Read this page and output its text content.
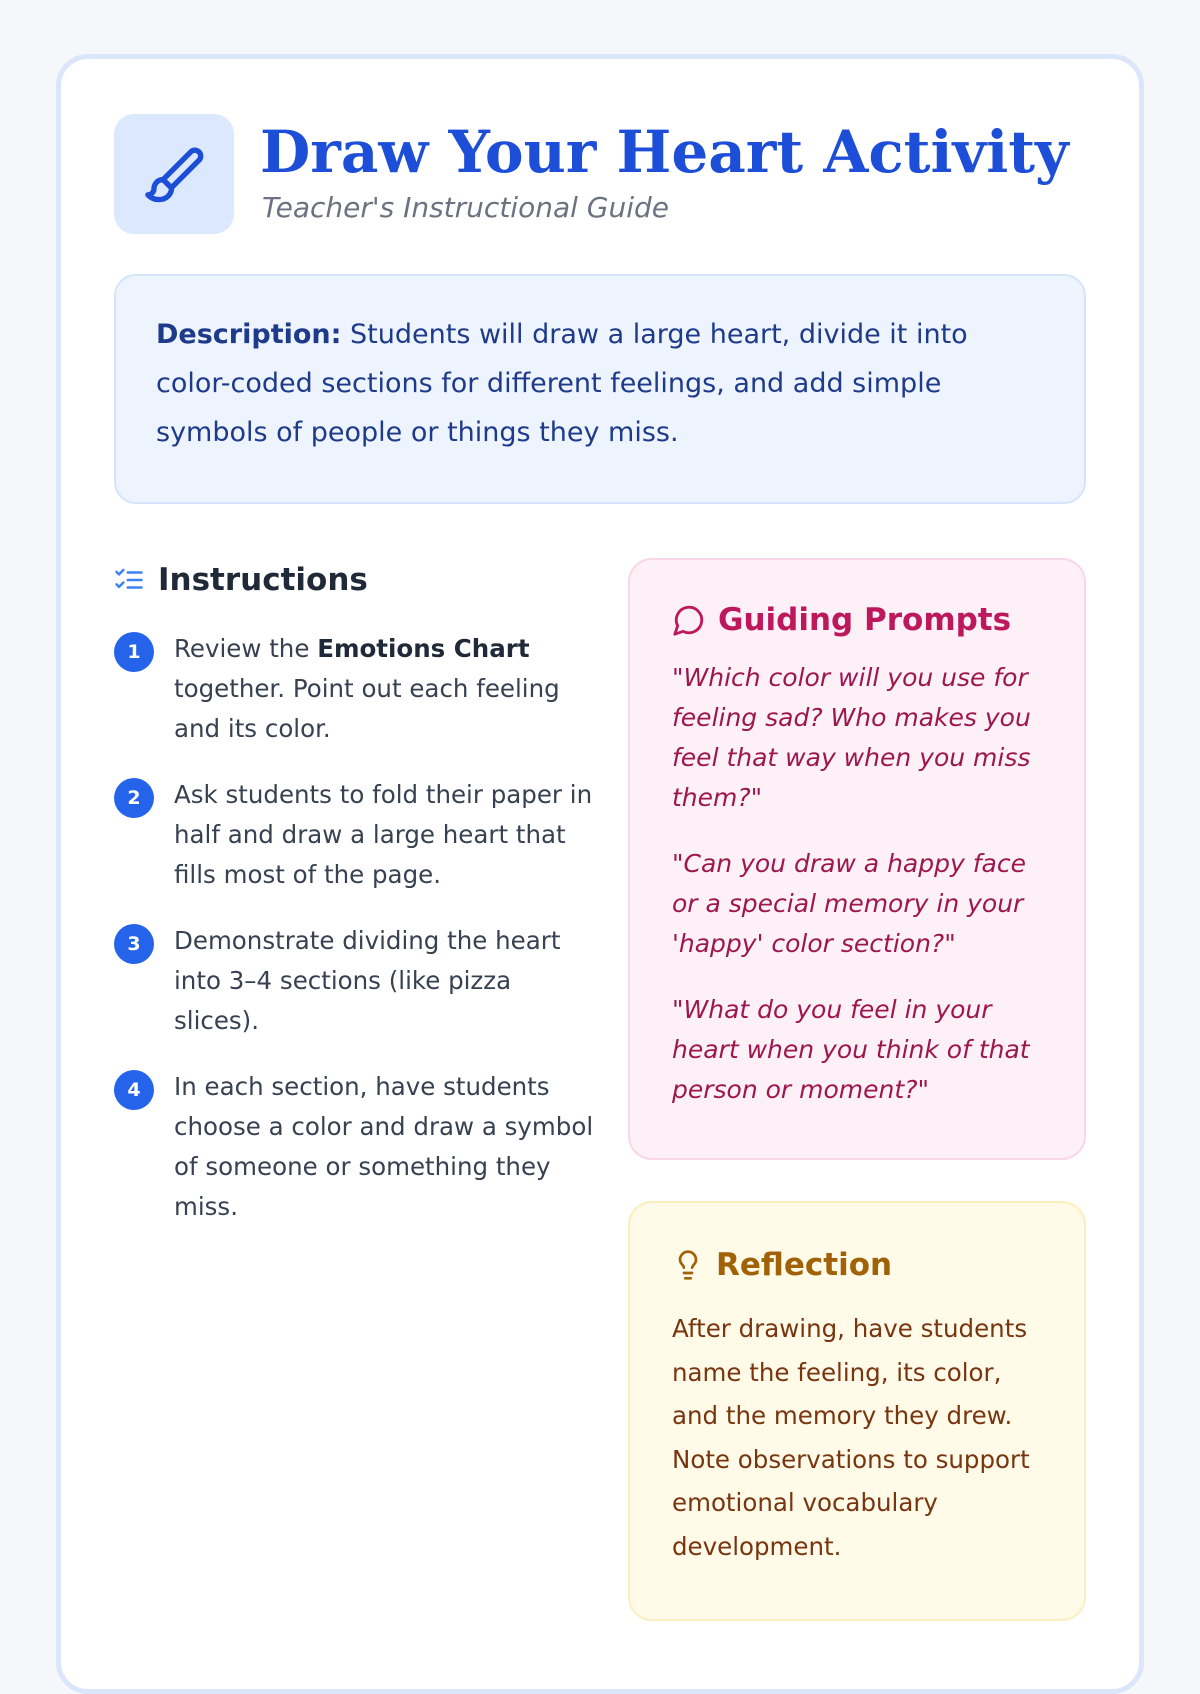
Draw Your Heart Activity
Teacher's Instructional Guide
Description: Students will draw a large heart, divide it into color-coded sections for different feelings, and add simple symbols of people or things they miss.
Instructions
1	Review the Emotions Chart together. Point out each feeling and its color.
2	Ask students to fold their paper in half and draw a large heart that fills most of the page.
3	Demonstrate dividing the heart into 3–4 sections (like pizza slices).
4	In each section, have students choose a color and draw a symbol of someone or something they miss.
Guiding Prompts

"Which color will you use for feeling sad? Who makes you feel that way when you miss them?"

"Can you draw a happy face or a special memory in your 'happy' color section?"

"What do you feel in your heart when you think of that person or moment?"

Reflection

After drawing, have students name the feeling, its color, and the memory they drew. Note observations to support emotional vocabulary development.
